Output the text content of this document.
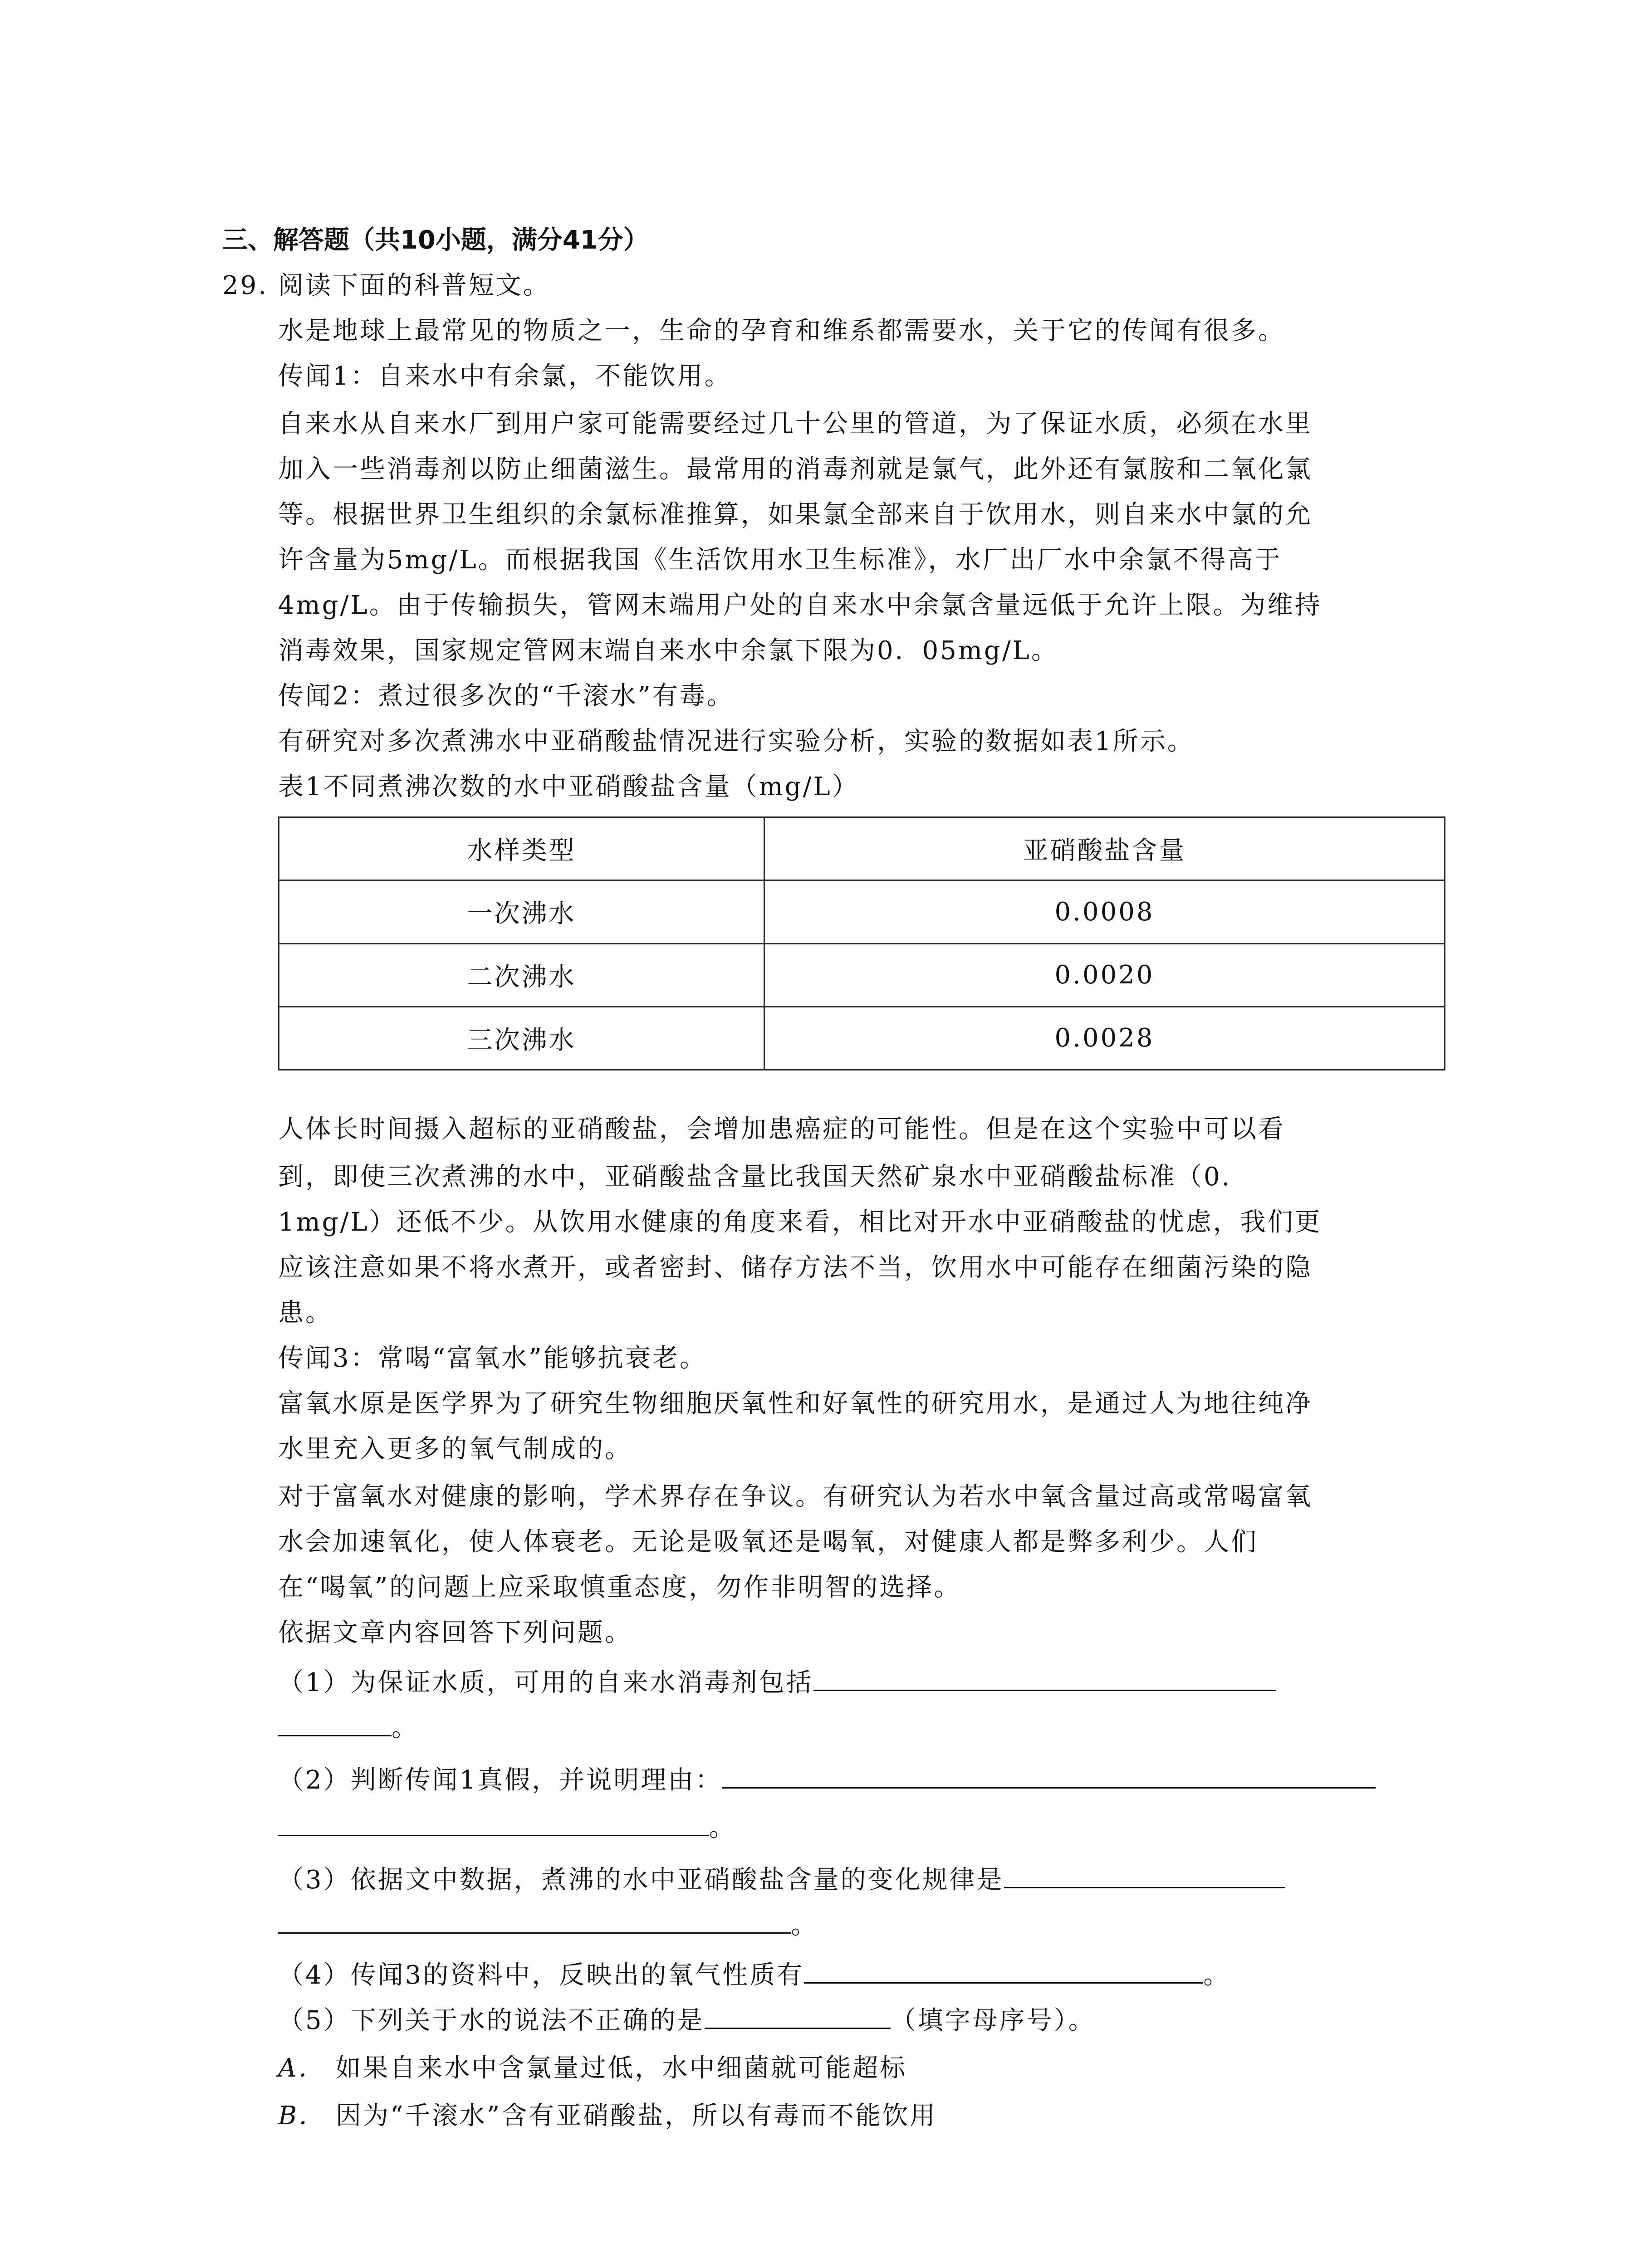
三、解答题（共10小题，满分41分）
29. 阅读下面的科普短文。
水是地球上最常见的物质之一，生命的孕育和维系都需要水，关于它的传闻有很多。
传闻1：自来水中有余氯，不能饮用。
自来水从自来水厂到用户家可能需要经过几十公里的管道，为了保证水质，必须在水里
加入一些消毒剂以防止细菌滋生。最常用的消毒剂就是氯气，此外还有氯胺和二氧化氯
等。根据世界卫生组织的余氯标准推算，如果氯全部来自于饮用水，则自来水中氯的允
许含量为5mg/L。而根据我国《生活饮用水卫生标准》，水厂出厂水中余氯不得高于
4mg/L。由于传输损失，管网末端用户处的自来水中余氯含量远低于允许上限。为维持
消毒效果，国家规定管网末端自来水中余氯下限为0．05mg/L。
传闻2：煮过很多次的“千滚水”有毒。
有研究对多次煮沸水中亚硝酸盐情况进行实验分析，实验的数据如表1所示。
表1不同煮沸次数的水中亚硝酸盐含量（mg/L）
水样类型	亚硝酸盐含量
一次沸水	0.0008
二次沸水	0.0020
三次沸水	0.0028
人体长时间摄入超标的亚硝酸盐，会增加患癌症的可能性。但是在这个实验中可以看
到，即使三次煮沸的水中，亚硝酸盐含量比我国天然矿泉水中亚硝酸盐标准（0.
1mg/L）还低不少。从饮用水健康的角度来看，相比对开水中亚硝酸盐的忧虑，我们更
应该注意如果不将水煮开，或者密封、储存方法不当，饮用水中可能存在细菌污染的隐
患。
传闻3：常喝“富氧水”能够抗衰老。
富氧水原是医学界为了研究生物细胞厌氧性和好氧性的研究用水，是通过人为地往纯净
水里充入更多的氧气制成的。
对于富氧水对健康的影响，学术界存在争议。有研究认为若水中氧含量过高或常喝富氧
水会加速氧化，使人体衰老。无论是吸氧还是喝氧，对健康人都是弊多利少。人们
在“喝氧”的问题上应采取慎重态度，勿作非明智的选择。
依据文章内容回答下列问题。
（1）为保证水质，可用的自来水消毒剂包括
。
（2）判断传闻1真假，并说明理由：
。
（3）依据文中数据，煮沸的水中亚硝酸盐含量的变化规律是
。
（4）传闻3的资料中，反映出的氧气性质有	。
（5）下列关于水的说法不正确的是	（填字母序号）。
A． 如果自来水中含氯量过低，水中细菌就可能超标
B． 因为“千滚水”含有亚硝酸盐，所以有毒而不能饮用
